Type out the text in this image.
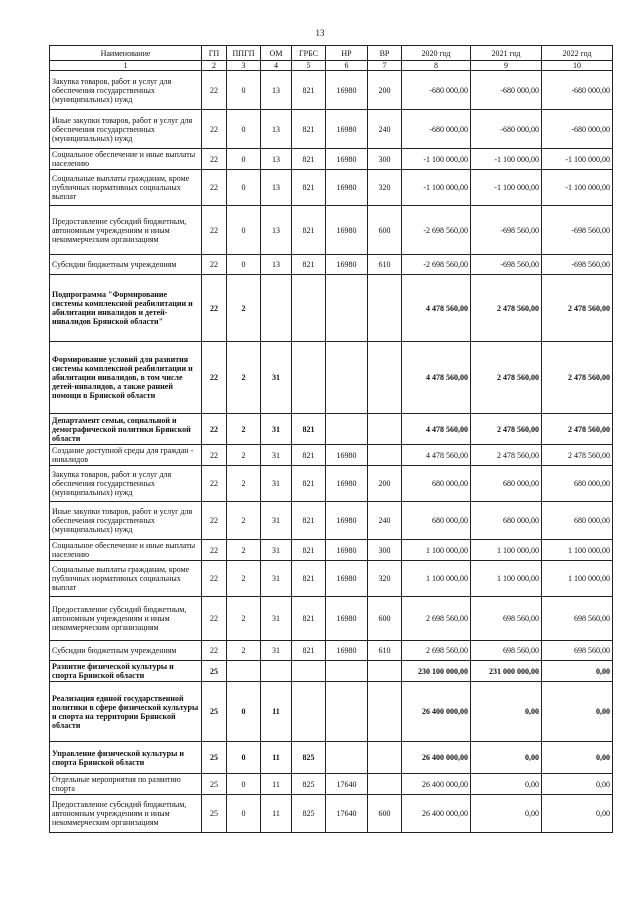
13
Наименование	ГП	ППГП	ОМ	ГРБС	НР	ВР	2020 год	2021 год	2022 год
1	2	3	4	5	6	7	8	9	10
Закупка товаров, работ и услуг для обеспечения государственных (муниципальных) нужд	22	0	13	821	16980	200	-680 000,00	-680 000,00	-680 000,00
Иные закупки товаров, работ и услуг для обеспечения государственных (муниципальных) нужд	22	0	13	821	16980	240	-680 000,00	-680 000,00	-680 000,00
Социальное обеспечение и иные выплаты населению	22	0	13	821	16980	300	-1 100 000,00	-1 100 000,00	-1 100 000,00
Социальные выплаты гражданам, кроме публичных нормативных социальных выплат	22	0	13	821	16980	320	-1 100 000,00	-1 100 000,00	-1 100 000,00
Предоставление субсидий бюджетным, автономным учреждениям и иным некоммерческим организациям	22	0	13	821	16980	600	-2 698 560,00	-698 560,00	-698 560,00
Субсидии бюджетным учреждениям	22	0	13	821	16980	610	-2 698 560,00	-698 560,00	-698 560,00
Подпрограмма "Формирование системы комплексной реабилитации и абилитации инвалидов и детей-инвалидов Брянской области"	22	2					4 478 560,00	2 478 560,00	2 478 560,00
Формирование условий для развития системы комплексной реабилитации и абилитации инвалидов, в том числе детей-инвалидов, а также ранней помощи в Брянской области	22	2	31				4 478 560,00	2 478 560,00	2 478 560,00
Департамент семьи, социальной и демографической политики Брянской области	22	2	31	821			4 478 560,00	2 478 560,00	2 478 560,00
Создание доступной среды для граждан - инвалидов	22	2	31	821	16980		4 478 560,00	2 478 560,00	2 478 560,00
Закупка товаров, работ и услуг для обеспечения государственных (муниципальных) нужд	22	2	31	821	16980	200	680 000,00	680 000,00	680 000,00
Иные закупки товаров, работ и услуг для обеспечения государственных (муниципальных) нужд	22	2	31	821	16980	240	680 000,00	680 000,00	680 000,00
Социальное обеспечение и иные выплаты населению	22	2	31	821	16980	300	1 100 000,00	1 100 000,00	1 100 000,00
Социальные выплаты гражданам, кроме публичных нормативных социальных выплат	22	2	31	821	16980	320	1 100 000,00	1 100 000,00	1 100 000,00
Предоставление субсидий бюджетным, автономным учреждениям и иным некоммерческим организациям	22	2	31	821	16980	600	2 698 560,00	698 560,00	698 560,00
Субсидии бюджетным учреждениям	22	2	31	821	16980	610	2 698 560,00	698 560,00	698 560,00
Развитие физической культуры и спорта Брянской области	25						230 100 000,00	231 000 000,00	0,00
Реализация единой государственной политики в сфере физической культуры и спорта на территории Брянской области	25	0	11				26 400 000,00	0,00	0,00
Управление физической культуры и спорта Брянской области	25	0	11	825			26 400 000,00	0,00	0,00
Отдельные мероприятия по развитию спорта	25	0	11	825	17640		26 400 000,00	0,00	0,00
Предоставление субсидий бюджетным, автономным учреждениям и иным некоммерческим организациям	25	0	11	825	17640	600	26 400 000,00	0,00	0,00
